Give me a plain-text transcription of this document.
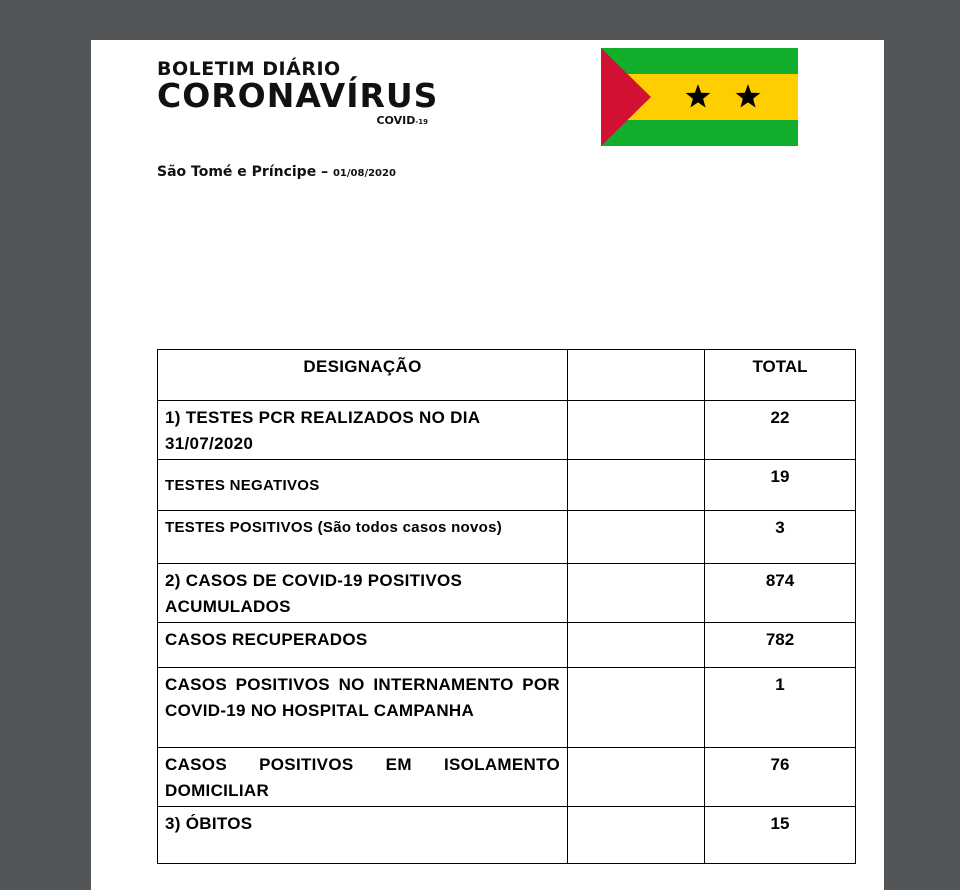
BOLETIM DIÁRIO
CORONAVÍRUS
COVID-19
São Tomé e Príncipe – 01/08/2020
DESIGNAÇÃO		TOTAL
1) TESTES PCR REALIZADOS NO DIA 31/07/2020		22
TESTES NEGATIVOS		19
TESTES POSITIVOS (São todos casos novos)		3
2) CASOS DE COVID-19 POSITIVOS ACUMULADOS		874
CASOS RECUPERADOS		782
CASOS POSITIVOS NO INTERNAMENTO POR COVID-19 NO HOSPITAL CAMPANHA		1
CASOS POSITIVOS EM ISOLAMENTO DOMICILIAR		76
3) ÓBITOS		15
